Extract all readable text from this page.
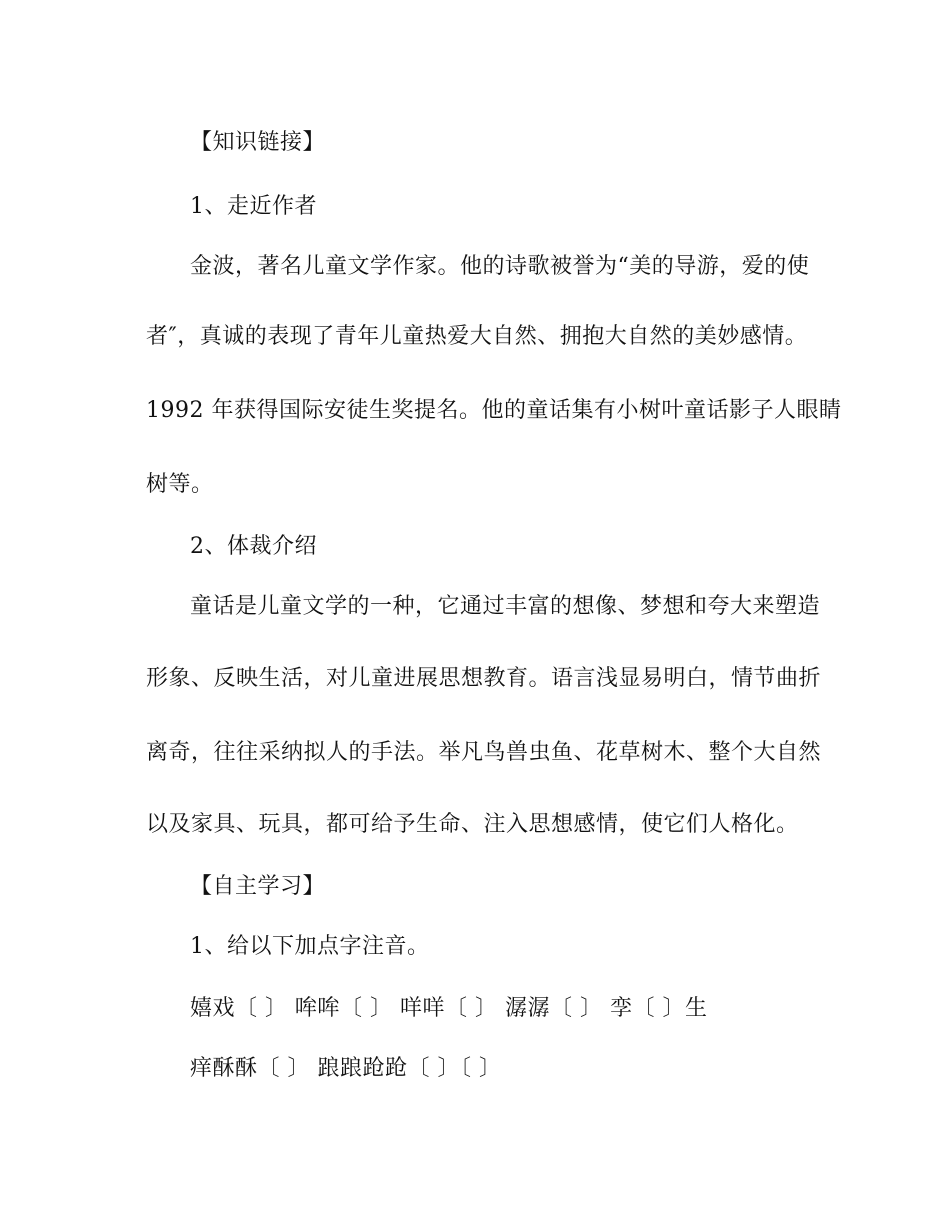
【知识链接】
1、走近作者
金波，著名儿童文学作家。他的诗歌被誉为“美的导游，爱的使
者″，真诚的表现了青年儿童热爱大自然、拥抱大自然的美妙感情。
1992 年获得国际安徒生奖提名。他的童话集有小树叶童话影子人眼睛
树等。
2、体裁介绍
童话是儿童文学的一种，它通过丰富的想像、梦想和夸大来塑造
形象、反映生活，对儿童进展思想教育。语言浅显易明白，情节曲折
离奇，往往采纳拟人的手法。举凡鸟兽虫鱼、花草树木、整个大自然
以及家具、玩具，都可给予生命、注入思想感情，使它们人格化。
【自主学习】
1、给以下加点字注音。
嬉戏〔 〕 哞哞〔 〕 咩咩〔 〕 潺潺〔 〕 孪〔 〕生
痒酥酥〔 〕 踉踉跄跄〔 〕〔 〕
